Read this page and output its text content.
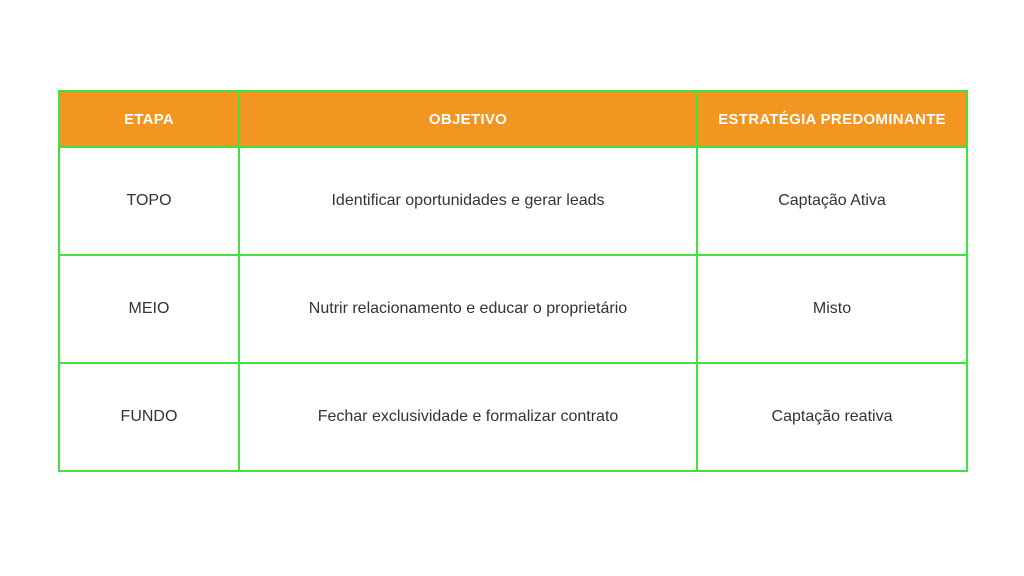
ETAPA	OBJETIVO	ESTRATÉGIA PREDOMINANTE
TOPO	Identificar oportunidades e gerar leads	Captação Ativa
MEIO	Nutrir relacionamento e educar o proprietário	Misto
FUNDO	Fechar exclusividade e formalizar contrato	Captação reativa
